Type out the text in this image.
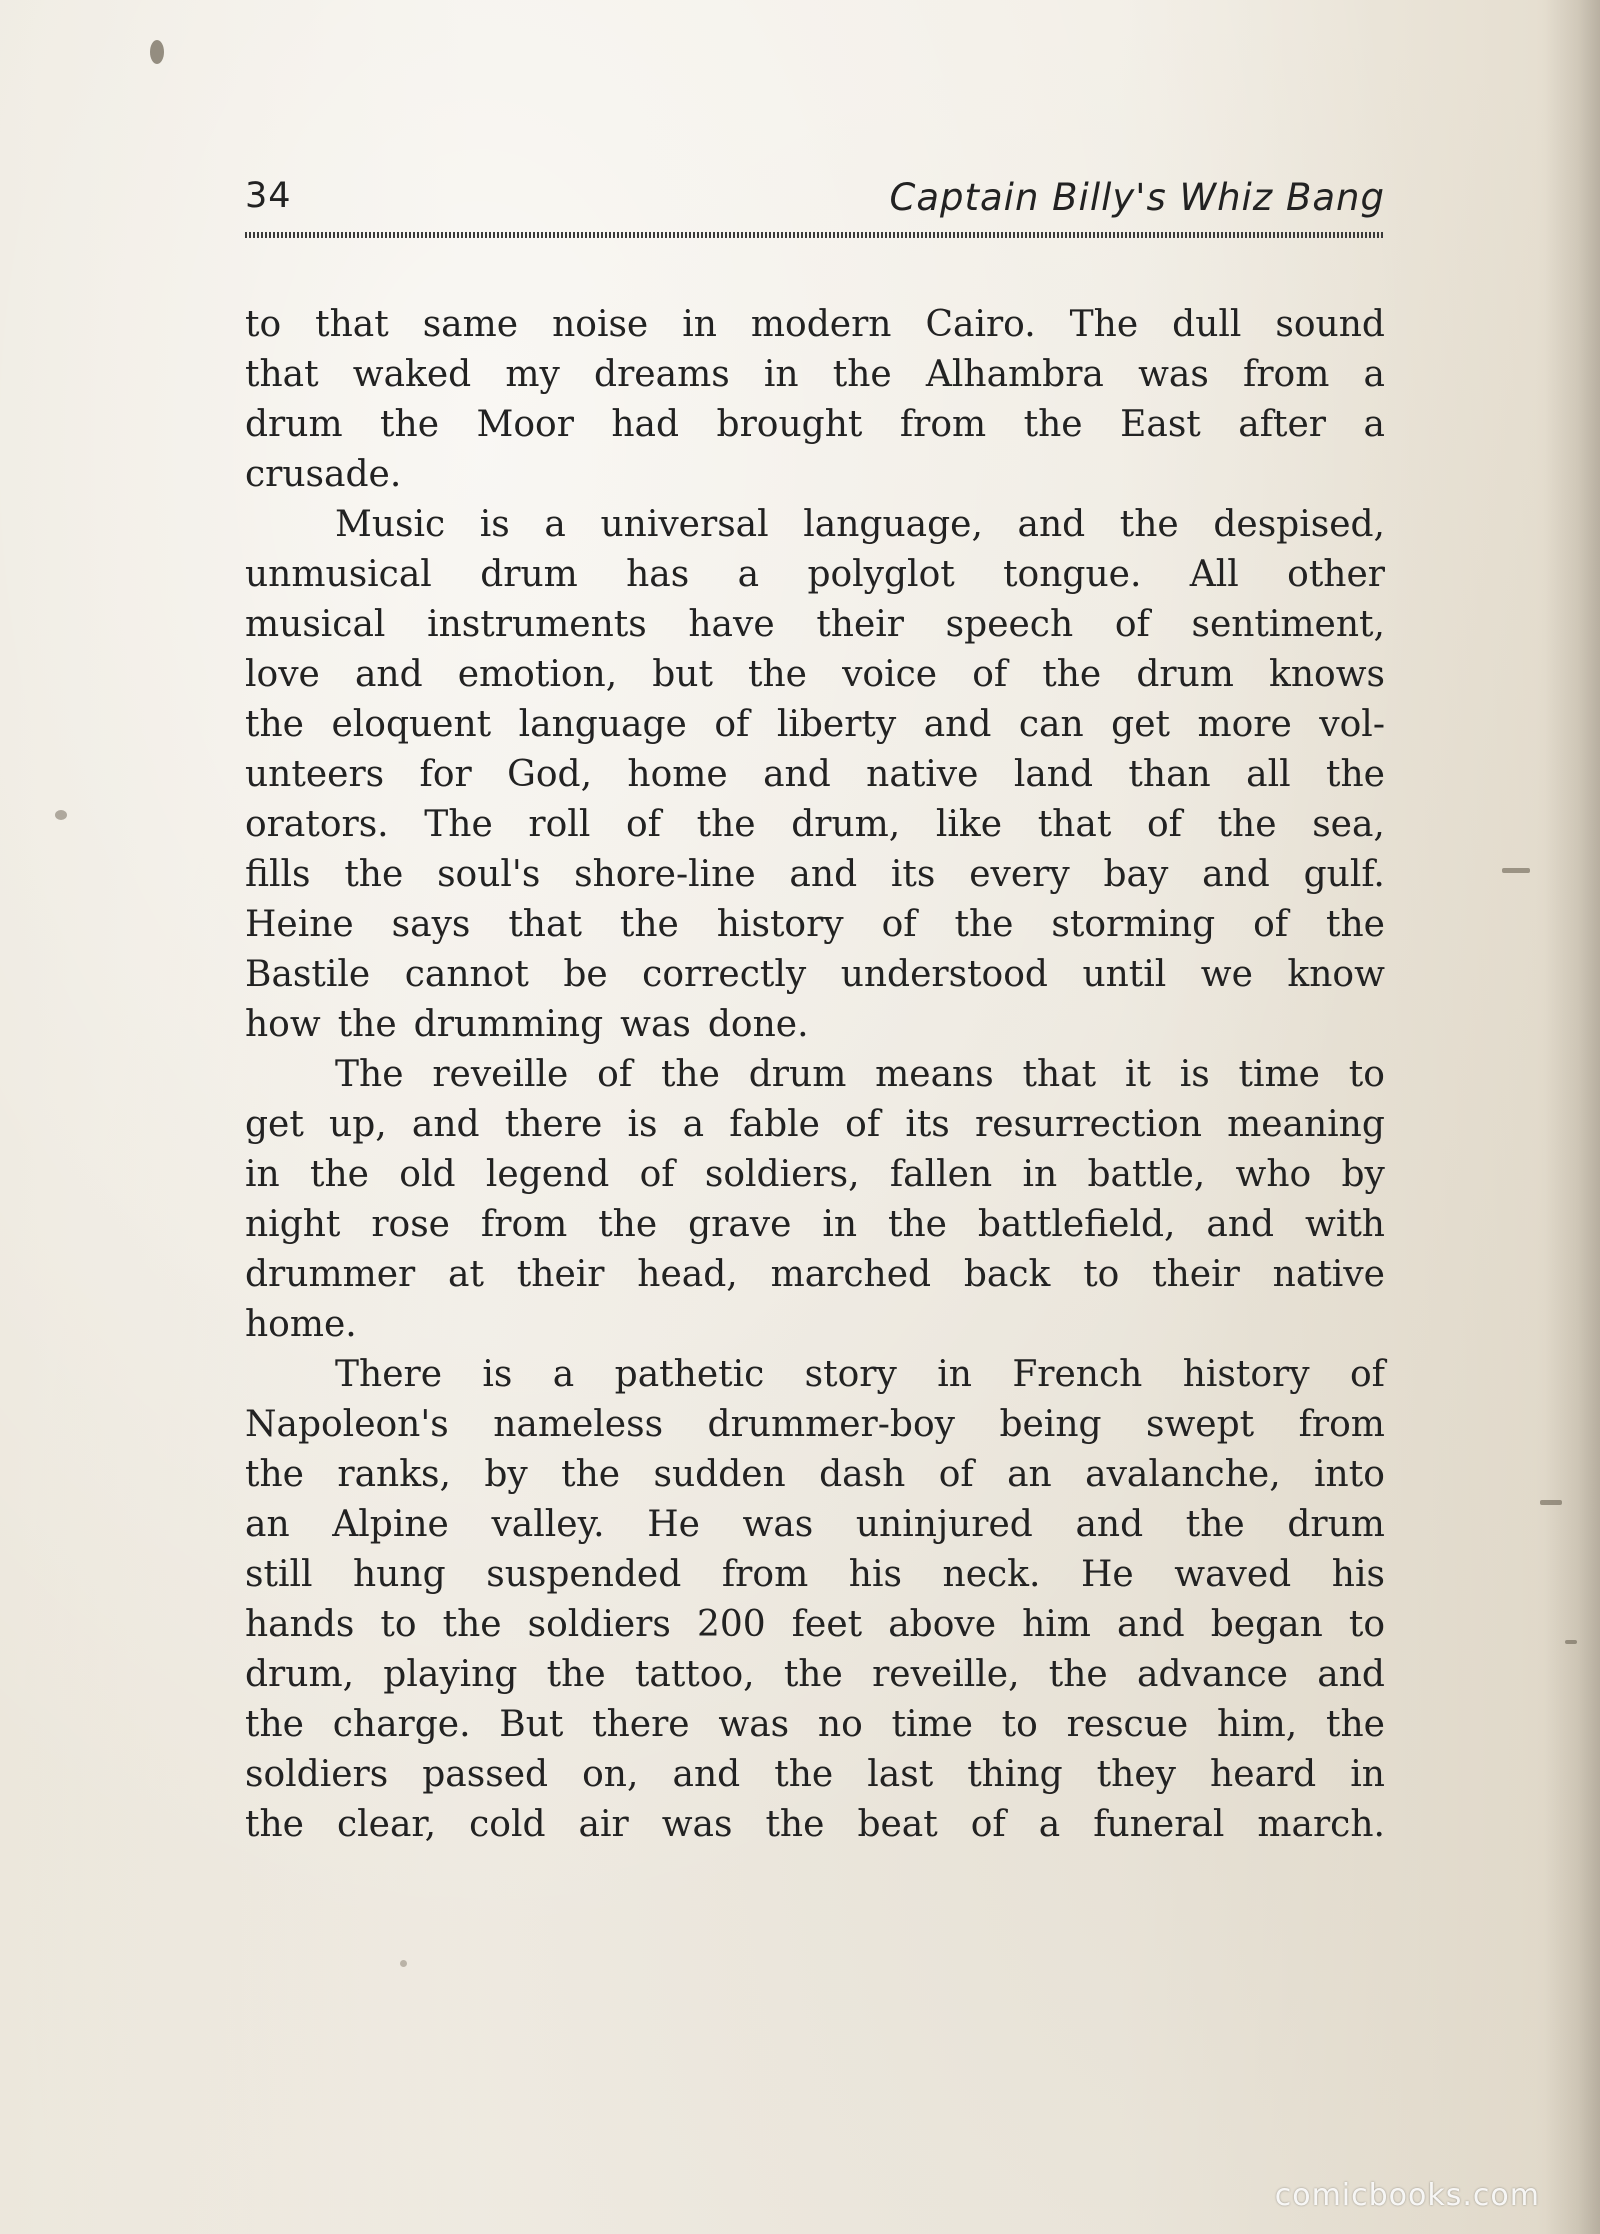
34	Captain Billy's Whiz Bang
to that same noise in modern Cairo. The dull sound
that waked my dreams in the Alhambra was from a
drum the Moor had brought from the East after a
crusade.
Music is a universal language, and the despised,
unmusical drum has a polyglot tongue. All other
musical instruments have their speech of sentiment,
love and emotion, but the voice of the drum knows
the eloquent language of liberty and can get more vol-
unteers for God, home and native land than all the
orators. The roll of the drum, like that of the sea,
fills the soul's shore-line and its every bay and gulf.
Heine says that the history of the storming of the
Bastile cannot be correctly understood until we know
how the drumming was done.
The reveille of the drum means that it is time to
get up, and there is a fable of its resurrection meaning
in the old legend of soldiers, fallen in battle, who by
night rose from the grave in the battlefield, and with
drummer at their head, marched back to their native
home.
There is a pathetic story in French history of
Napoleon's nameless drummer-boy being swept from
the ranks, by the sudden dash of an avalanche, into
an Alpine valley. He was uninjured and the drum
still hung suspended from his neck. He waved his
hands to the soldiers 200 feet above him and began to
drum, playing the tattoo, the reveille, the advance and
the charge. But there was no time to rescue him, the
soldiers passed on, and the last thing they heard in
the clear, cold air was the beat of a funeral march.
comicbooks.com
